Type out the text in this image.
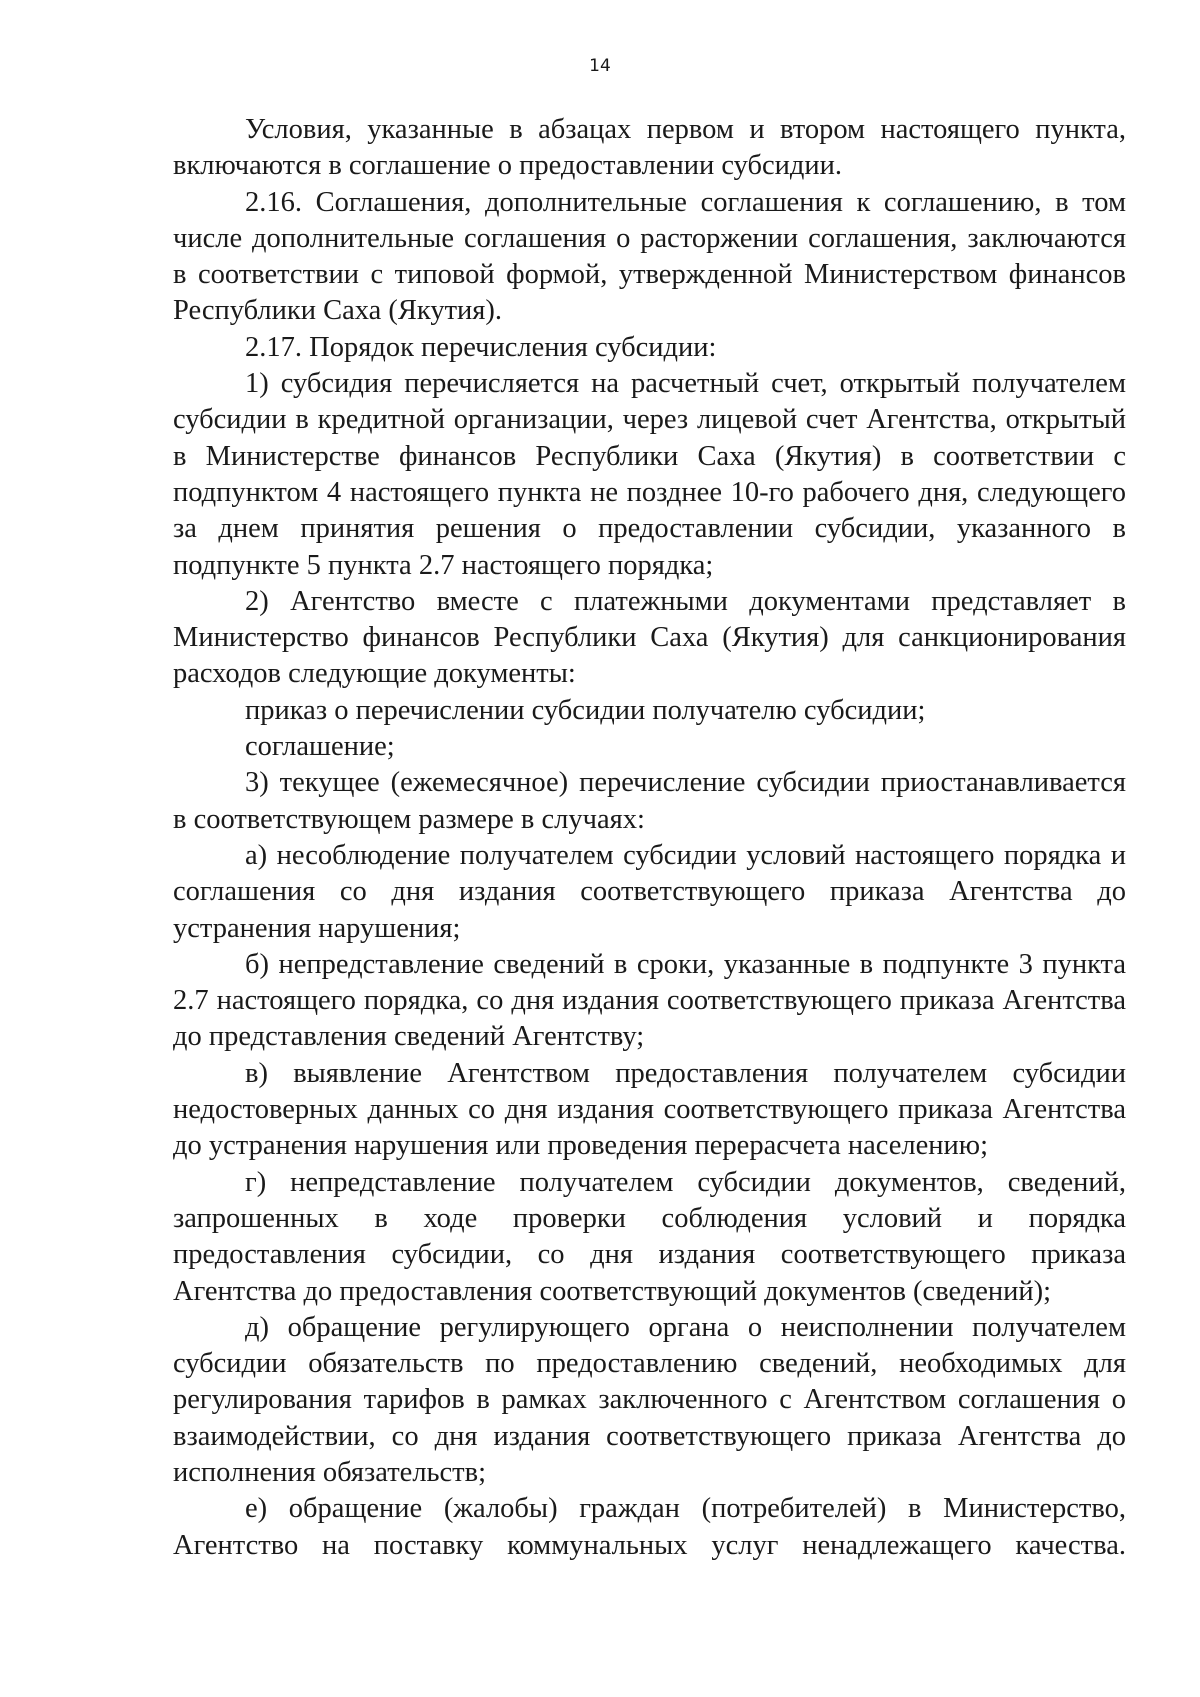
14

Условия, указанные в абзацах первом и втором настоящего пункта, включаются в соглашение о предоставлении субсидии.

2.16. Соглашения, дополнительные соглашения к соглашению, в том числе дополнительные соглашения о расторжении соглашения, заключаются в соответствии с типовой формой, утвержденной Министерством финансов Республики Саха (Якутия).

2.17. Порядок перечисления субсидии:

1) субсидия перечисляется на расчетный счет, открытый получателем субсидии в кредитной организации, через лицевой счет Агентства, открытый в Министерстве финансов Республики Саха (Якутия) в соответствии с подпунктом 4 настоящего пункта не позднее 10-го рабочего дня, следующего за днем принятия решения о предоставлении субсидии, указанного в подпункте 5 пункта 2.7 настоящего порядка;

2) Агентство вместе с платежными документами представляет в Министерство финансов Республики Саха (Якутия) для санкционирования расходов следующие документы:

приказ о перечислении субсидии получателю субсидии;

соглашение;

3) текущее (ежемесячное) перечисление субсидии приостанавливается в соответствующем размере в случаях:

а) несоблюдение получателем субсидии условий настоящего порядка и соглашения со дня издания соответствующего приказа Агентства до устранения нарушения;

б) непредставление сведений в сроки, указанные в подпункте 3 пункта 2.7 настоящего порядка, со дня издания соответствующего приказа Агентства до представления сведений Агентству;

в) выявление Агентством предоставления получателем субсидии недостоверных данных со дня издания соответствующего приказа Агентства до устранения нарушения или проведения перерасчета населению;

г) непредставление получателем субсидии документов, сведений, запрошенных в ходе проверки соблюдения условий и порядка предоставления субсидии, со дня издания соответствующего приказа Агентства до предоставления соответствующий документов (сведений);

д) обращение регулирующего органа о неисполнении получателем субсидии обязательств по предоставлению сведений, необходимых для регулирования тарифов в рамках заключенного с Агентством соглашения о взаимодействии, со дня издания соответствующего приказа Агентства до исполнения обязательств;

е) обращение (жалобы) граждан (потребителей) в Министерство, Агентство на поставку коммунальных услуг ненадлежащего качества.
